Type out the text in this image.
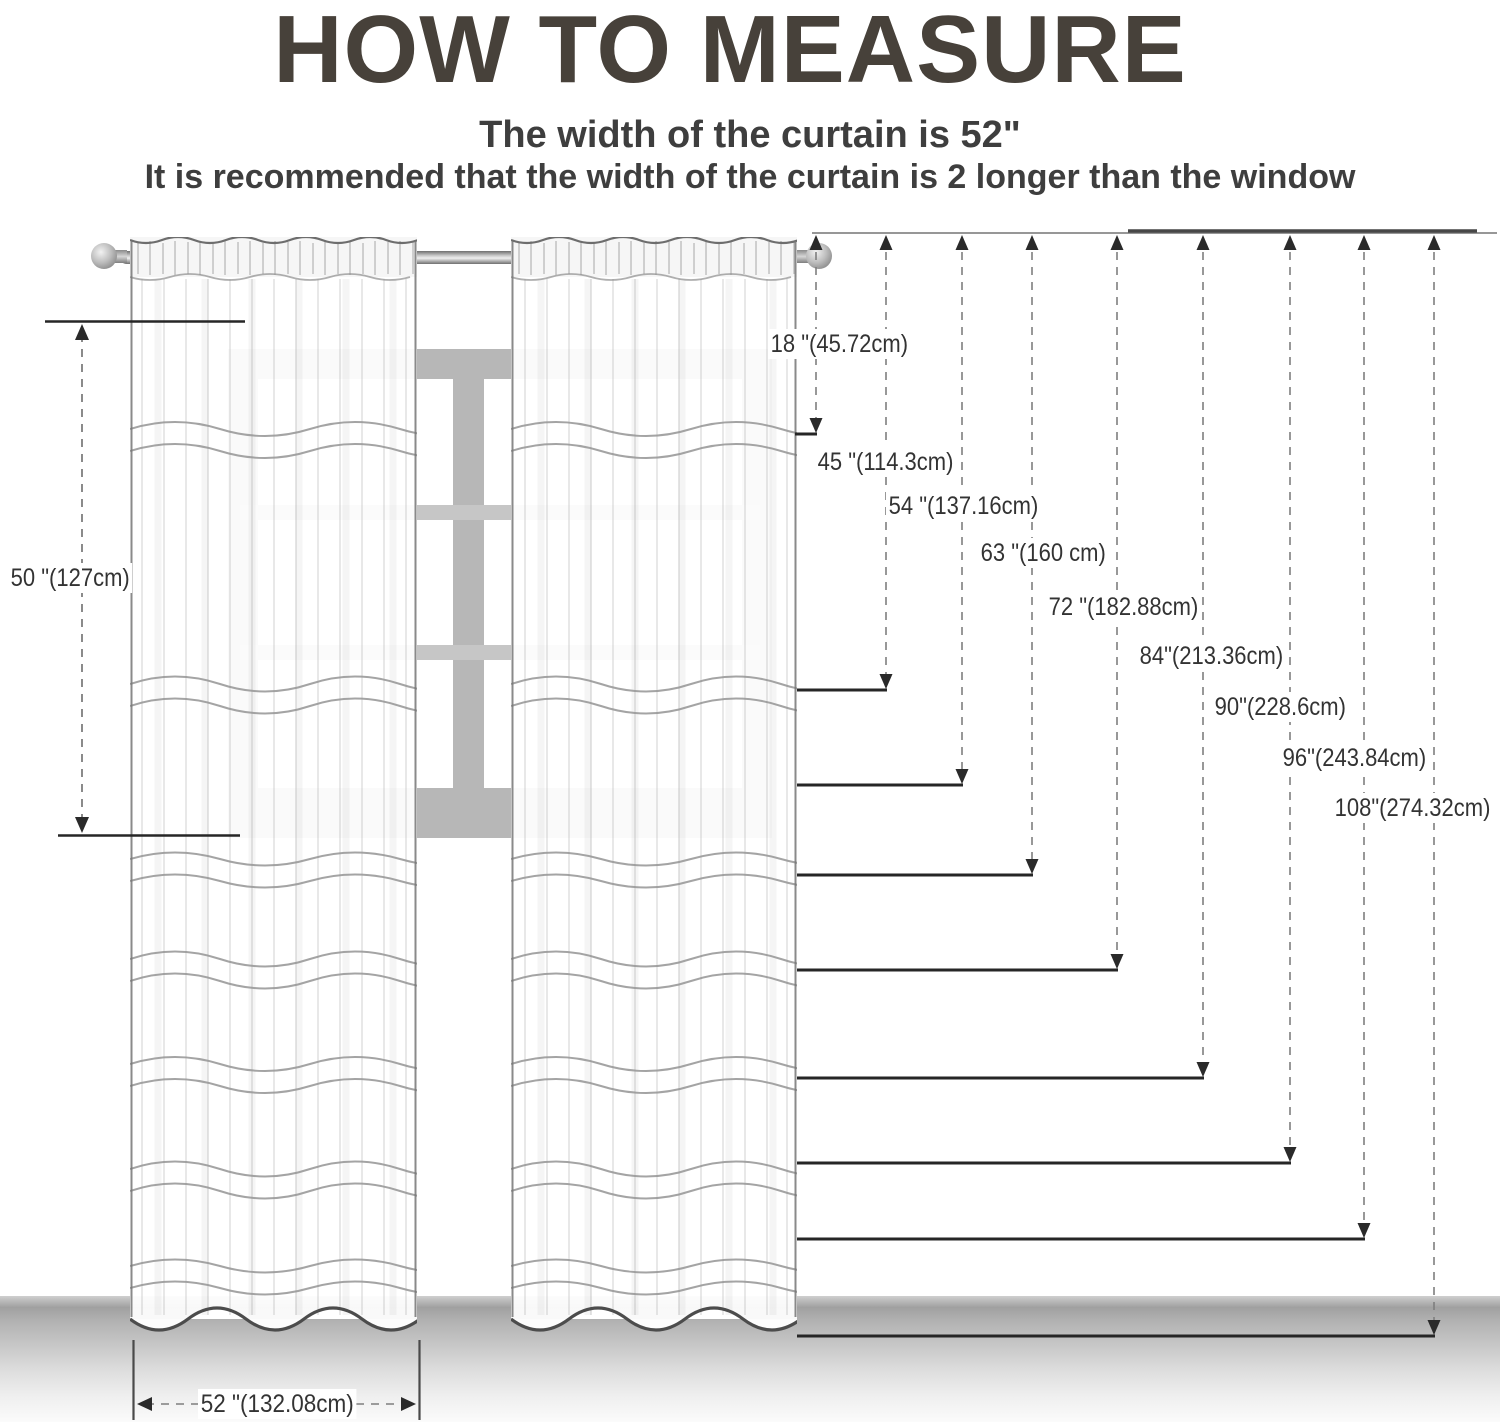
HOW TO MEASURE
The width of the curtain is 52"
It is recommended that the width of the curtain is 2 longer than the window
18 "(45.72cm)
45 "(114.3cm)
54 "(137.16cm)
63 "(160 cm)
72 "(182.88cm)
84"(213.36cm)
90"(228.6cm)
96"(243.84cm)
108"(274.32cm)
50 "(127cm)
52 "(132.08cm)
